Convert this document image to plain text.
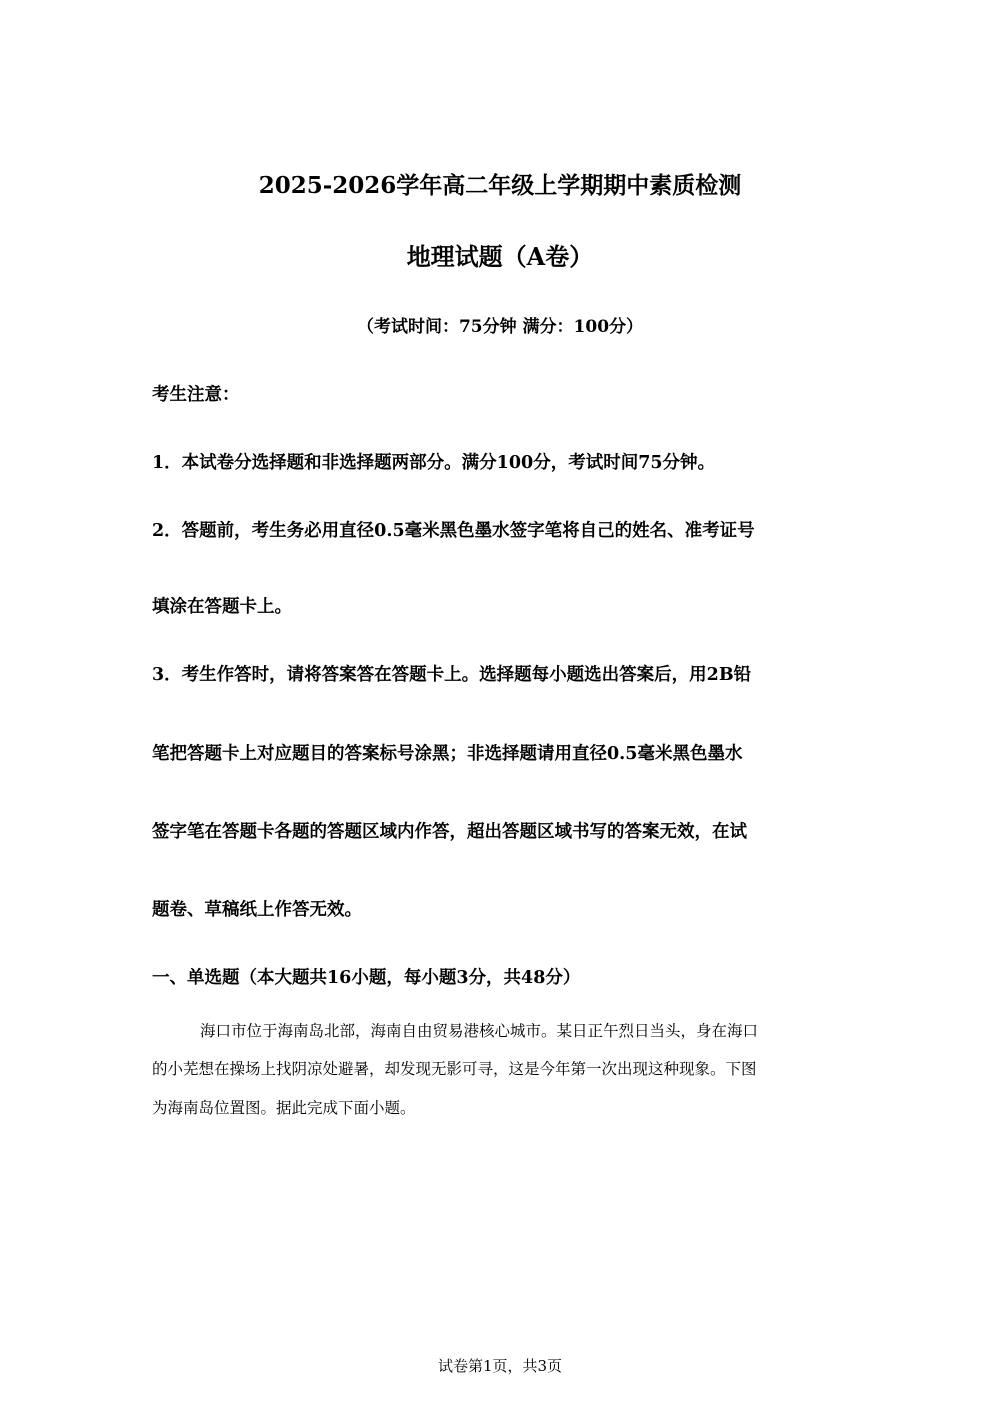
2025-2026学年高二年级上学期期中素质检测
地理试题（A卷）
（考试时间：75分钟 满分：100分）
考生注意：
1．本试卷分选择题和非选择题两部分。满分100分，考试时间75分钟。
2．答题前，考生务必用直径0.5毫米黑色墨水签字笔将自己的姓名、准考证号
填涂在答题卡上。
3．考生作答时，请将答案答在答题卡上。选择题每小题选出答案后，用2B铅
笔把答题卡上对应题目的答案标号涂黑；非选择题请用直径0.5毫米黑色墨水
签字笔在答题卡各题的答题区域内作答，超出答题区域书写的答案无效，在试
题卷、草稿纸上作答无效。
一、单选题（本大题共16小题，每小题3分，共48分）
海口市位于海南岛北部，海南自由贸易港核心城市。某日正午烈日当头，身在海口
的小芜想在操场上找阴凉处避暑，却发现无影可寻，这是今年第一次出现这种现象。下图
为海南岛位置图。据此完成下面小题。
试卷第1页，共3页
